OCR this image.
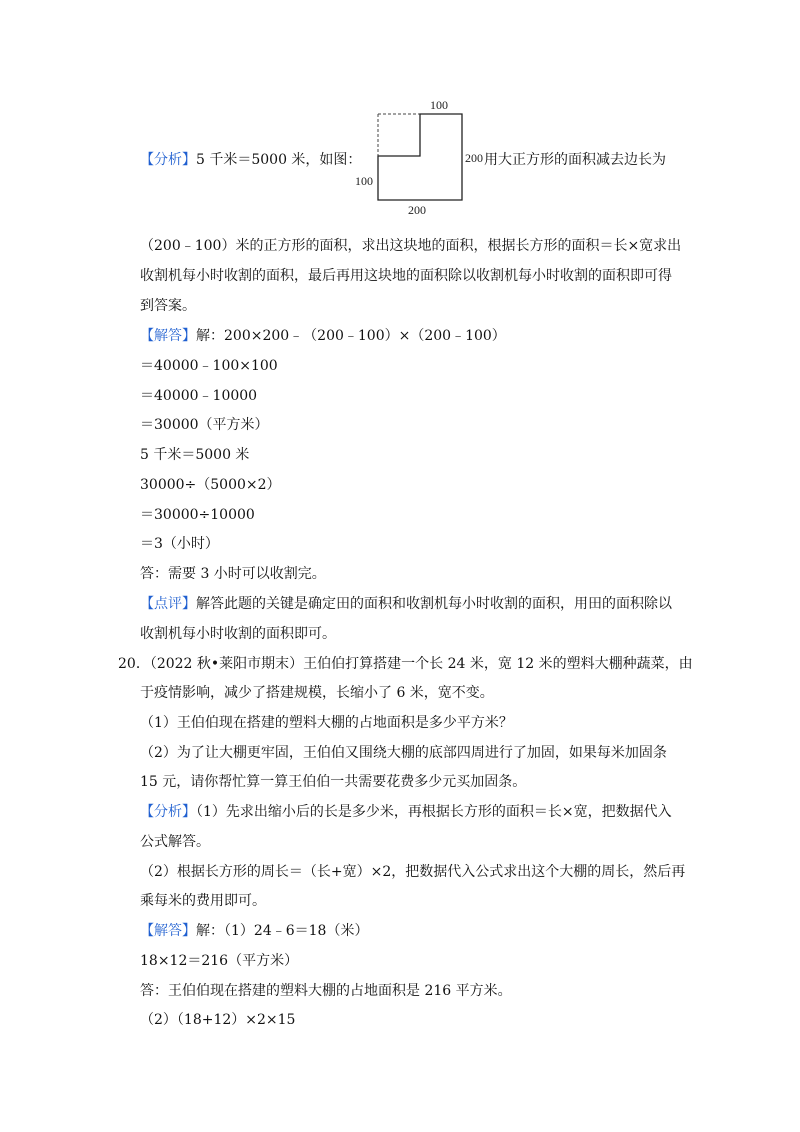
【分析】5 千米＝5000 米，如图：
100
200
100
200
用大正方形的面积减去边长为
（200﹣100）米的正方形的面积，求出这块地的面积，根据长方形的面积＝长×宽求出
收割机每小时收割的面积，最后再用这块地的面积除以收割机每小时收割的面积即可得
到答案。
【解答】解：200×200﹣（200﹣100）×（200﹣100）
＝40000﹣100×100
＝40000﹣10000
＝30000（平方米）
5 千米＝5000 米
30000÷（5000×2）
＝30000÷10000
＝3（小时）
答：需要 3 小时可以收割完。
【点评】解答此题的关键是确定田的面积和收割机每小时收割的面积，用田的面积除以
收割机每小时收割的面积即可。
20．（2022 秋•莱阳市期末）王伯伯打算搭建一个长 24 米，宽 12 米的塑料大棚种蔬菜，由
于疫情影响，减少了搭建规模，长缩小了 6 米，宽不变。
（1）王伯伯现在搭建的塑料大棚的占地面积是多少平方米？
（2）为了让大棚更牢固，王伯伯又围绕大棚的底部四周进行了加固，如果每米加固条
15 元，请你帮忙算一算王伯伯一共需要花费多少元买加固条。
【分析】（1）先求出缩小后的长是多少米，再根据长方形的面积＝长×宽，把数据代入
公式解答。
（2）根据长方形的周长＝（长+宽）×2，把数据代入公式求出这个大棚的周长，然后再
乘每米的费用即可。
【解答】解：（1）24﹣6＝18（米）
18×12＝216（平方米）
答：王伯伯现在搭建的塑料大棚的占地面积是 216 平方米。
（2）（18+12）×2×15
